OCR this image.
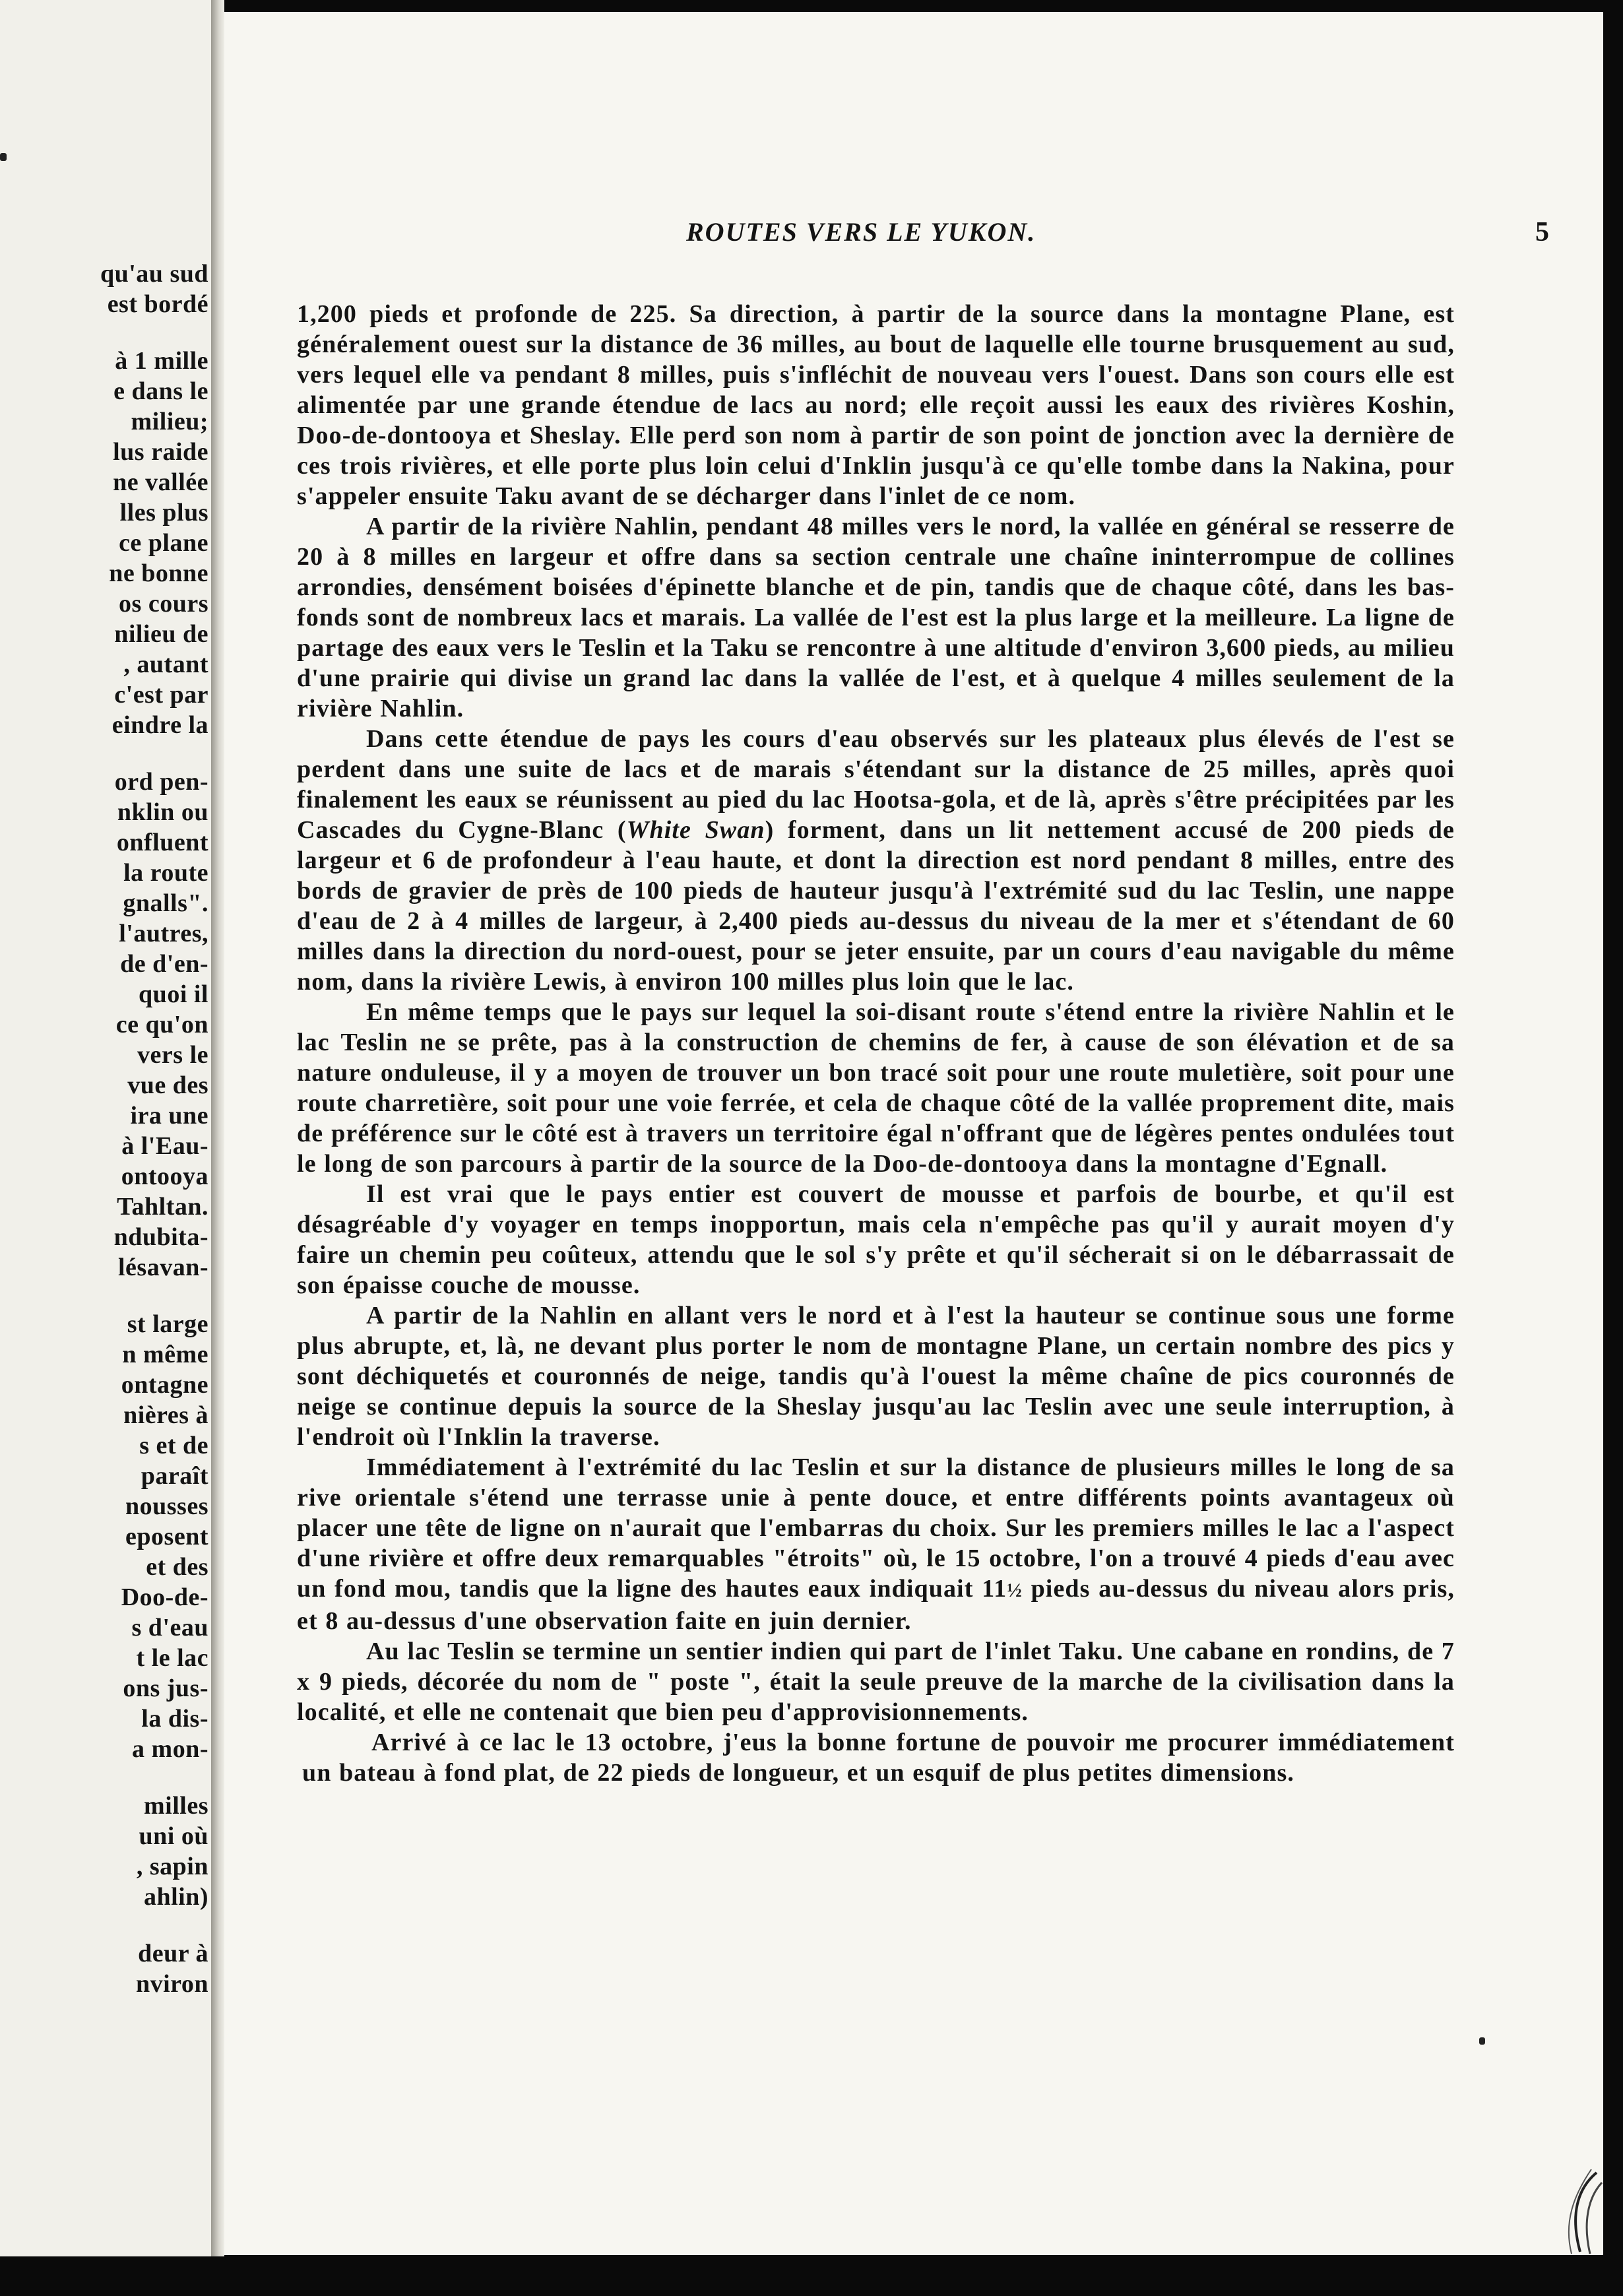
qu'au sud
est bordé
à 1 mille
e dans le
milieu;
lus raide
ne vallée
lles plus
ce plane
ne bonne
os cours
nilieu de
, autant
c'est par
eindre la
ord pen-
nklin ou
onfluent
la route
gnalls".
l'autres,
de d'en-
quoi il
ce qu'on
vers le
vue des
ira une
à l'Eau-
ontooya
Tahltan.
ndubita-
lésavan-
st large
n même
ontagne
nières à
s et de
paraît
nousses
eposent
et des
Doo-de-
s d'eau
t le lac
ons jus-
la dis-
a mon-
milles
uni où
, sapin
ahlin)
deur à
nviron
ROUTES VERS LE YUKON.	5

1,200 pieds et profonde de 225. Sa direction, à partir de la source dans la montagne Plane, est généralement ouest sur la distance de 36 milles, au bout de laquelle elle tourne brusquement au sud, vers lequel elle va pendant 8 milles, puis s'infléchit de nouveau vers l'ouest. Dans son cours elle est alimentée par une grande étendue de lacs au nord; elle reçoit aussi les eaux des rivières Koshin, Doo-de-dontooya et Sheslay. Elle perd son nom à partir de son point de jonction avec la dernière de ces trois rivières, et elle porte plus loin celui d'Inklin jusqu'à ce qu'elle tombe dans la Nakina, pour s'appeler ensuite Taku avant de se décharger dans l'inlet de ce nom.

A partir de la rivière Nahlin, pendant 48 milles vers le nord, la vallée en général se resserre de 20 à 8 milles en largeur et offre dans sa section centrale une chaîne ininterrompue de collines arrondies, densément boisées d'épinette blanche et de pin, tandis que de chaque côté, dans les bas-fonds sont de nombreux lacs et marais. La vallée de l'est est la plus large et la meilleure. La ligne de partage des eaux vers le Teslin et la Taku se rencontre à une altitude d'environ 3,600 pieds, au milieu d'une prairie qui divise un grand lac dans la vallée de l'est, et à quelque 4 milles seulement de la rivière Nahlin.

Dans cette étendue de pays les cours d'eau observés sur les plateaux plus élevés de l'est se perdent dans une suite de lacs et de marais s'étendant sur la distance de 25 milles, après quoi finalement les eaux se réunissent au pied du lac Hootsa-gola, et de là, après s'être précipitées par les Cascades du Cygne-Blanc (White Swan) forment, dans un lit nettement accusé de 200 pieds de largeur et 6 de profondeur à l'eau haute, et dont la direction est nord pendant 8 milles, entre des bords de gravier de près de 100 pieds de hauteur jusqu'à l'extrémité sud du lac Teslin, une nappe d'eau de 2 à 4 milles de largeur, à 2,400 pieds au-dessus du niveau de la mer et s'étendant de 60 milles dans la direction du nord-ouest, pour se jeter ensuite, par un cours d'eau navigable du même nom, dans la rivière Lewis, à environ 100 milles plus loin que le lac.

En même temps que le pays sur lequel la soi-disant route s'étend entre la rivière Nahlin et le lac Teslin ne se prête, pas à la construction de chemins de fer, à cause de son élévation et de sa nature onduleuse, il y a moyen de trouver un bon tracé soit pour une route muletière, soit pour une route charretière, soit pour une voie ferrée, et cela de chaque côté de la vallée proprement dite, mais de préférence sur le côté est à travers un territoire égal n'offrant que de légères pentes ondulées tout le long de son parcours à partir de la source de la Doo-de-dontooya dans la montagne d'Egnall.

Il est vrai que le pays entier est couvert de mousse et parfois de bourbe, et qu'il est désagréable d'y voyager en temps inopportun, mais cela n'empêche pas qu'il y aurait moyen d'y faire un chemin peu coûteux, attendu que le sol s'y prête et qu'il sécherait si on le débarrassait de son épaisse couche de mousse.

A partir de la Nahlin en allant vers le nord et à l'est la hauteur se continue sous une forme plus abrupte, et, là, ne devant plus porter le nom de montagne Plane, un certain nombre des pics y sont déchiquetés et couronnés de neige, tandis qu'à l'ouest la même chaîne de pics couronnés de neige se continue depuis la source de la Sheslay jusqu'au lac Teslin avec une seule interruption, à l'endroit où l'Inklin la traverse.

Immédiatement à l'extrémité du lac Teslin et sur la distance de plusieurs milles le long de sa rive orientale s'étend une terrasse unie à pente douce, et entre différents points avantageux où placer une tête de ligne on n'aurait que l'embarras du choix. Sur les premiers milles le lac a l'aspect d'une rivière et offre deux remarquables "étroits" où, le 15 octobre, l'on a trouvé 4 pieds d'eau avec un fond mou, tandis que la ligne des hautes eaux indiquait 11½ pieds au-dessus du niveau alors pris, et 8 au-dessus d'une observation faite en juin dernier.

Au lac Teslin se termine un sentier indien qui part de l'inlet Taku. Une cabane en rondins, de 7 x 9 pieds, décorée du nom de " poste ", était la seule preuve de la marche de la civilisation dans la localité, et elle ne contenait que bien peu d'approvisionnements.

Arrivé à ce lac le 13 octobre, j'eus la bonne fortune de pouvoir me procurer immédiatement un bateau à fond plat, de 22 pieds de longueur, et un esquif de plus petites dimensions.
